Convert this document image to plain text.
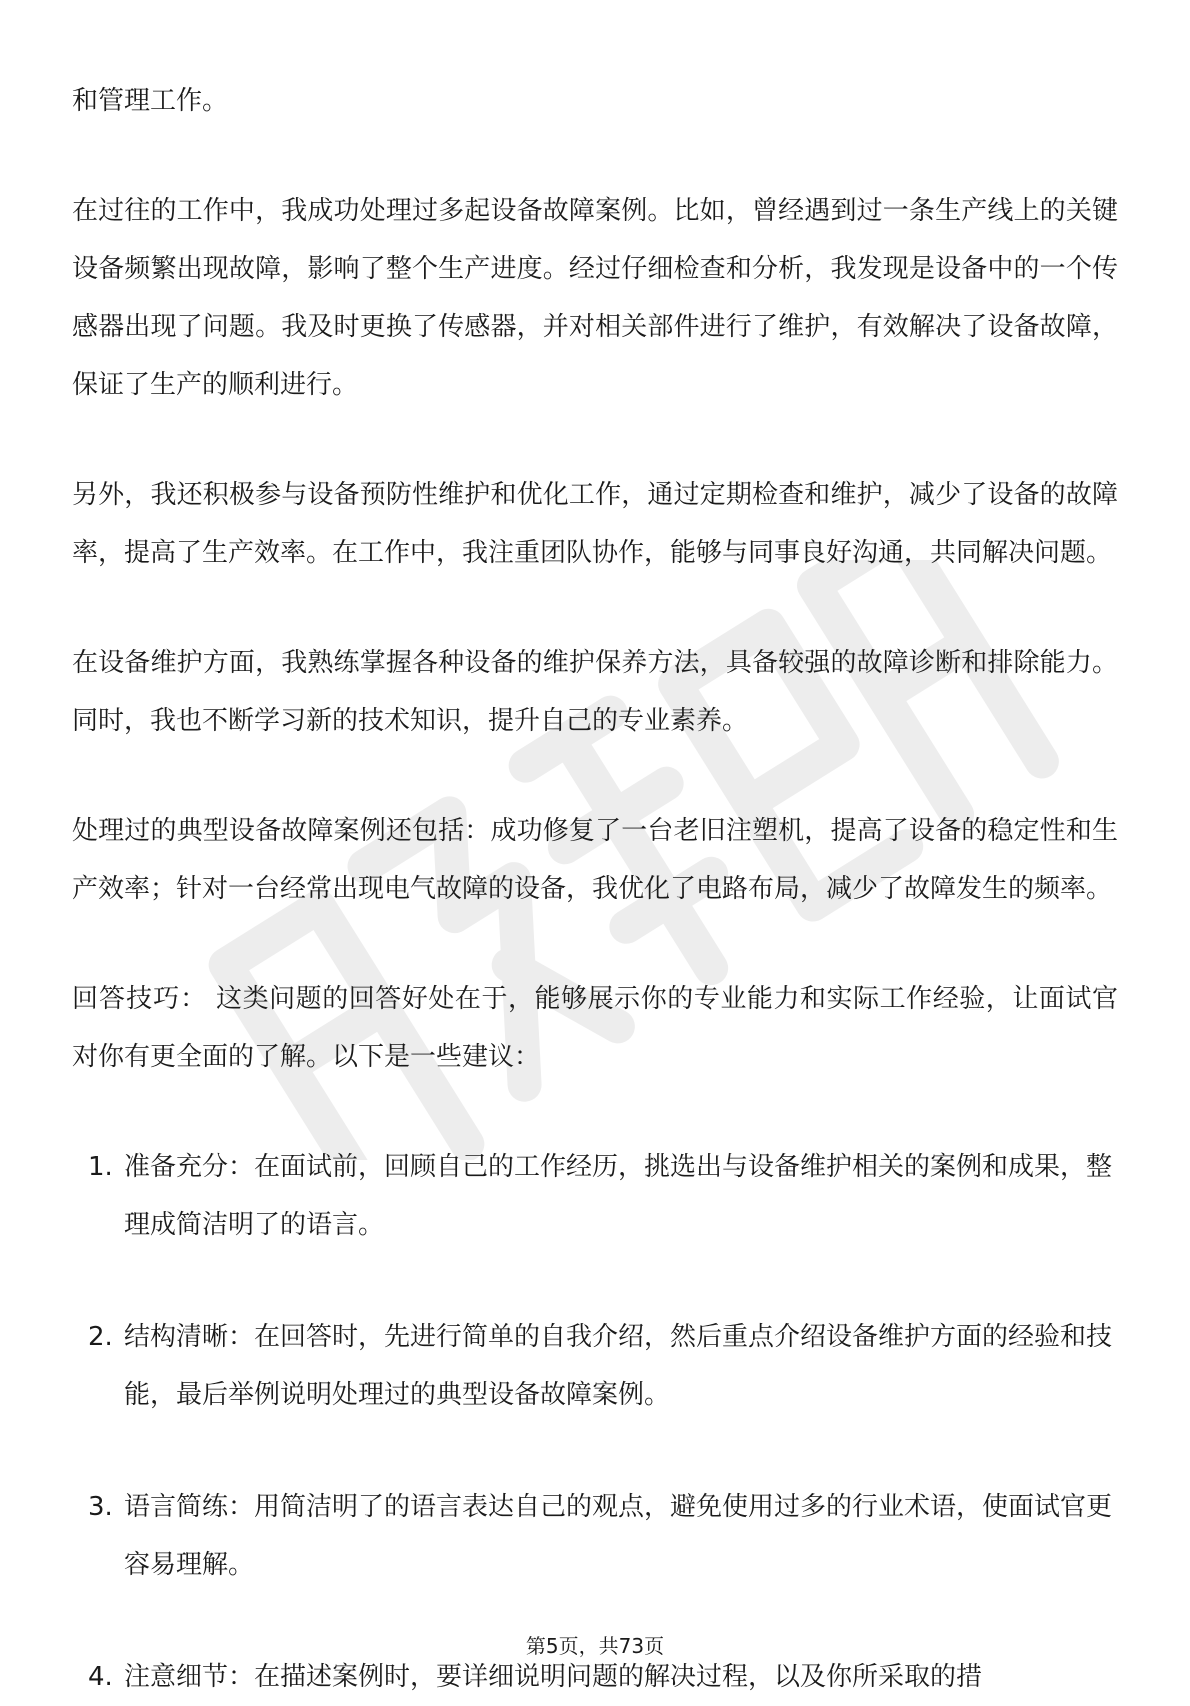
和管理工作。

在过往的工作中，我成功处理过多起设备故障案例。比如，曾经遇到过一条生产线上的关键设备频繁出现故障，影响了整个生产进度。经过仔细检查和分析，我发现是设备中的一个传感器出现了问题。我及时更换了传感器，并对相关部件进行了维护，有效解决了设备故障，保证了生产的顺利进行。

另外，我还积极参与设备预防性维护和优化工作，通过定期检查和维护，减少了设备的故障率，提高了生产效率。在工作中，我注重团队协作，能够与同事良好沟通，共同解决问题。

在设备维护方面，我熟练掌握各种设备的维护保养方法，具备较强的故障诊断和排除能力。同时，我也不断学习新的技术知识，提升自己的专业素养。

处理过的典型设备故障案例还包括：成功修复了一台老旧注塑机，提高了设备的稳定性和生产效率；针对一台经常出现电气故障的设备，我优化了电路布局，减少了故障发生的频率。

回答技巧： 这类问题的回答好处在于，能够展示你的专业能力和实际工作经验，让面试官对你有更全面的了解。以下是一些建议：

1. 准备充分：在面试前，回顾自己的工作经历，挑选出与设备维护相关的案例和成果，整理成简洁明了的语言。
2. 结构清晰：在回答时，先进行简单的自我介绍，然后重点介绍设备维护方面的经验和技能，最后举例说明处理过的典型设备故障案例。
3. 语言简练：用简洁明了的语言表达自己的观点，避免使用过多的行业术语，使面试官更容易理解。
4. 注意细节：在描述案例时，要详细说明问题的解决过程，以及你所采取的措
第5页，共73页
